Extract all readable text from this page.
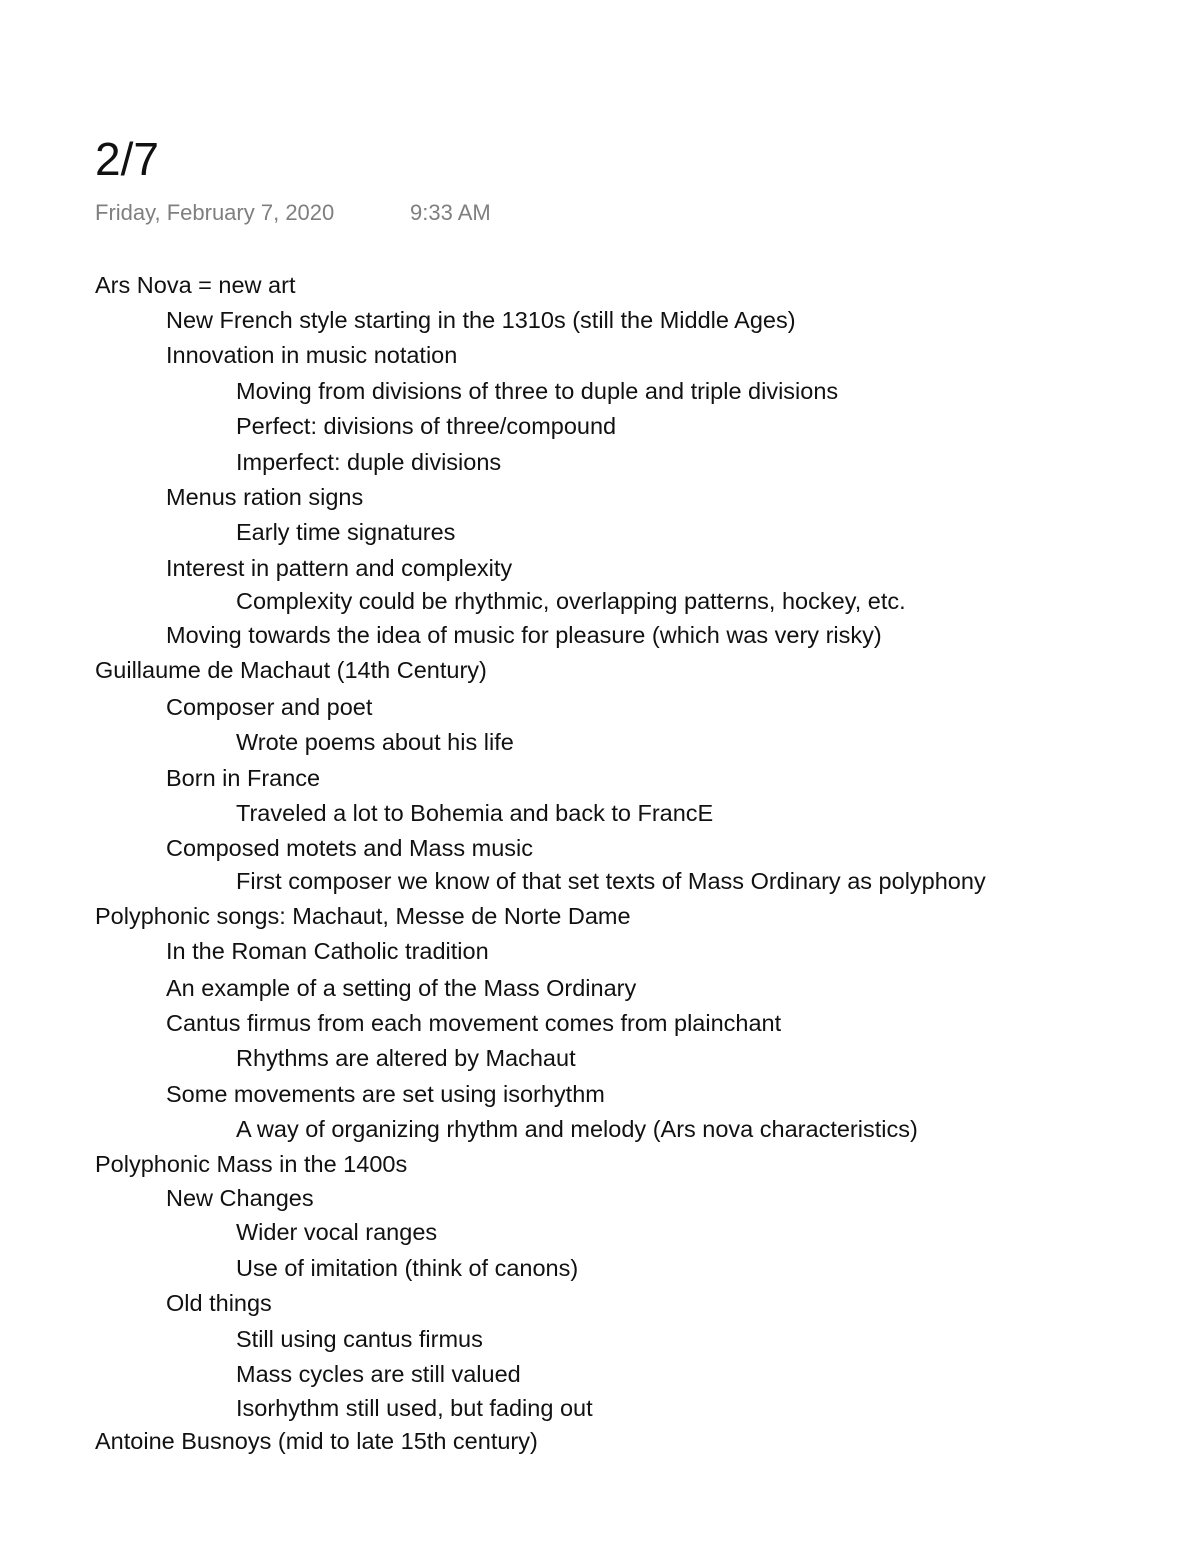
2/7
Friday, February 7, 2020	9:33 AM
Ars Nova = new art
New French style starting in the 1310s (still the Middle Ages)
Innovation in music notation
Moving from divisions of three to duple and triple divisions
Perfect: divisions of three/compound
Imperfect: duple divisions
Menus ration signs
Early time signatures
Interest in pattern and complexity
Complexity could be rhythmic, overlapping patterns, hockey, etc.
Moving towards the idea of music for pleasure (which was very risky)
Guillaume de Machaut (14th Century)
Composer and poet
Wrote poems about his life
Born in France
Traveled a lot to Bohemia and back to FrancE
Composed motets and Mass music
First composer we know of that set texts of Mass Ordinary as polyphony
Polyphonic songs: Machaut, Messe de Norte Dame
In the Roman Catholic tradition
An example of a setting of the Mass Ordinary
Cantus firmus from each movement comes from plainchant
Rhythms are altered by Machaut
Some movements are set using isorhythm
A way of organizing rhythm and melody (Ars nova characteristics)
Polyphonic Mass in the 1400s
New Changes
Wider vocal ranges
Use of imitation (think of canons)
Old things
Still using cantus firmus
Mass cycles are still valued
Isorhythm still used, but fading out
Antoine Busnoys (mid to late 15th century)
